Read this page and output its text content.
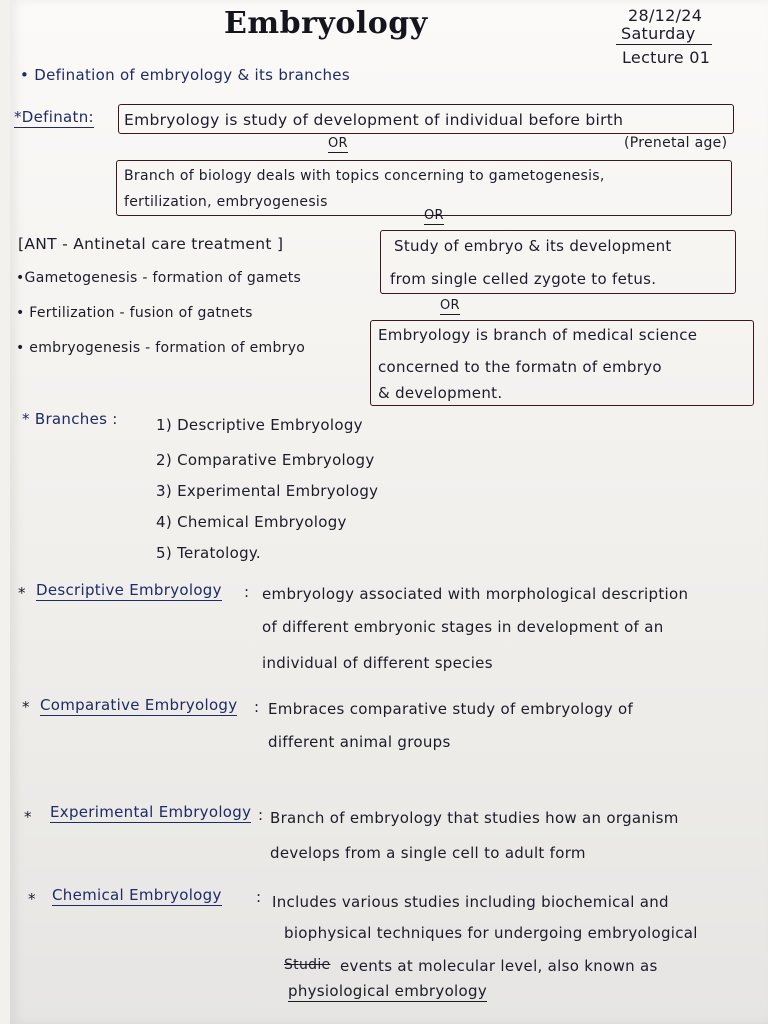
Embryology	28/12/24
Saturday
Lecture 01
• Defination of embryology & its branches
*Definatn: Embryology is study of development of individual before birth
OR	(Prenetal age)
Branch of biology deals with topics concerning to gametogenesis,
fertilization, embryogenesis
OR
Study of embryo & its development
from single celled zygote to fetus.
OR
Embryology is branch of medical science
concerned to the formatn of embryo
& development.
[ANT - Antinetal care treatment ]
•Gametogenesis - formation of gamets
• Fertilization - fusion of gatnets
• embryogenesis - formation of embryo
* Branches :	1) Descriptive Embryology
2) Comparative Embryology
3) Experimental Embryology
4) Chemical Embryology
5) Teratology.
* Descriptive Embryology : embryology associated with morphological description
of different embryonic stages in development of an
individual of different species
* Comparative Embryology : Embraces comparative study of embryology of
different animal groups
* Experimental Embryology : Branch of embryology that studies how an organism
develops from a single cell to adult form
* Chemical Embryology : Includes various studies including biochemical and
biophysical techniques for undergoing embryological
Studie events at molecular level, also known as
physiological embryology
